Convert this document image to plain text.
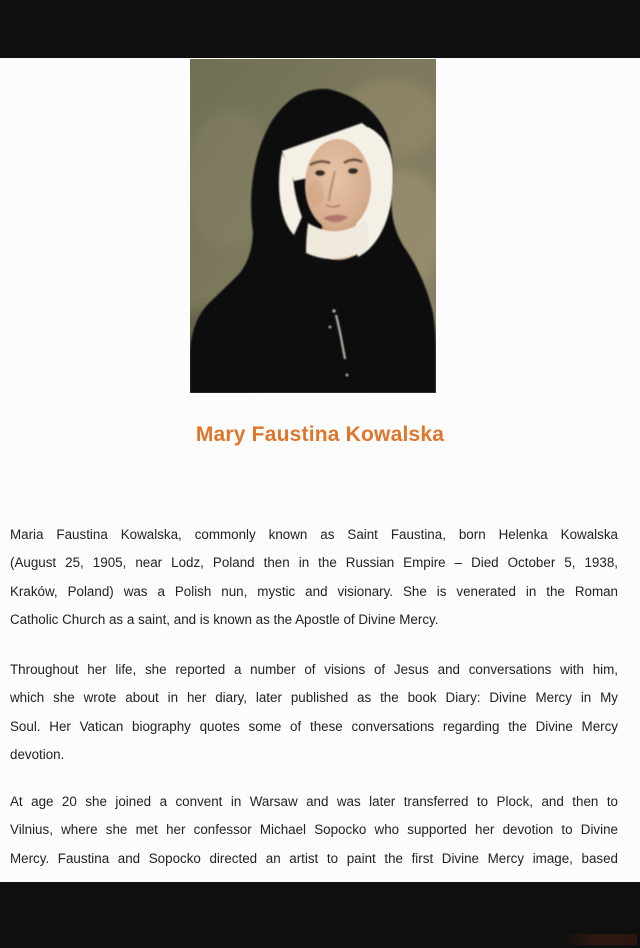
Mary Faustina Kowalska
Maria Faustina Kowalska, commonly known as Saint Faustina, born Helenka Kowalska
(August 25, 1905, near Lodz, Poland then in the Russian Empire – Died October 5, 1938,
Kraków, Poland) was a Polish nun, mystic and visionary. She is venerated in the Roman
Catholic Church as a saint, and is known as the Apostle of Divine Mercy.
Throughout her life, she reported a number of visions of Jesus and conversations with him,
which she wrote about in her diary, later published as the book Diary: Divine Mercy in My
Soul. Her Vatican biography quotes some of these conversations regarding the Divine Mercy
devotion.
At age 20 she joined a convent in Warsaw and was later transferred to Plock, and then to
Vilnius, where she met her confessor Michael Sopocko who supported her devotion to Divine
Mercy. Faustina and Sopocko directed an artist to paint the first Divine Mercy image, based
